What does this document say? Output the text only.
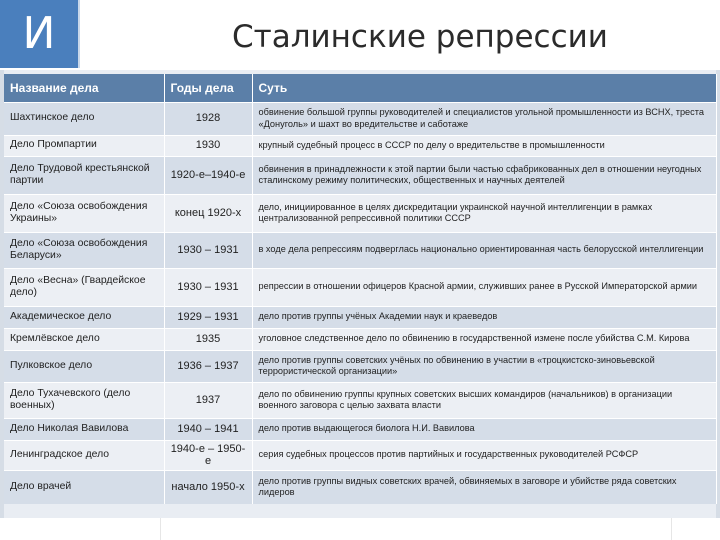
И	Сталинские репрессии
Название дела	Годы дела	Суть
Шахтинское дело	1928	обвинение большой группы руководителей и специалистов угольной промышленности из ВСНХ, треста «Донуголь» и шахт во вредительстве и саботаже
Дело Промпартии	1930	крупный судебный процесс в СССР по делу о вредительстве в промышленности
Дело Трудовой крестьянской партии	1920-е–1940-е	обвинения в принадлежности к этой партии были частью сфабрикованных дел в отношении неугодных сталинскому режиму политических, общественных и научных деятелей
Дело «Союза освобождения Украины»	конец 1920-х	дело, инициированное в целях дискредитации украинской научной интеллигенции в рамках централизованной репрессивной политики СССР
Дело «Союза освобождения Беларуси»	1930 – 1931	в ходе дела репрессиям подверглась национально ориентированная часть белорусской интеллигенции
Дело «Весна» (Гвардейское дело)	1930 – 1931	репрессии в отношении офицеров Красной армии, служивших ранее в Русской Императорской армии
Академическое дело	1929 – 1931	дело против группы учёных Академии наук и краеведов
Кремлёвское дело	1935	уголовное следственное дело по обвинению в государственной измене после убийства С.М. Кирова
Пулковское дело	1936 – 1937	дело против группы советских учёных по обвинению в участии в «троцкистско-зиновьевской террористической организации»
Дело Тухачевского (дело военных)	1937	дело по обвинению группы крупных советских высших командиров (начальников) в организации военного заговора с целью захвата власти
Дело Николая Вавилова	1940 – 1941	дело против выдающегося биолога Н.И. Вавилова
Ленинградское дело	1940-е – 1950-е	серия судебных процессов против партийных и государственных руководителей РСФСР
Дело врачей	начало 1950-х	дело против группы видных советских врачей, обвиняемых в заговоре и убийстве ряда советских лидеров
